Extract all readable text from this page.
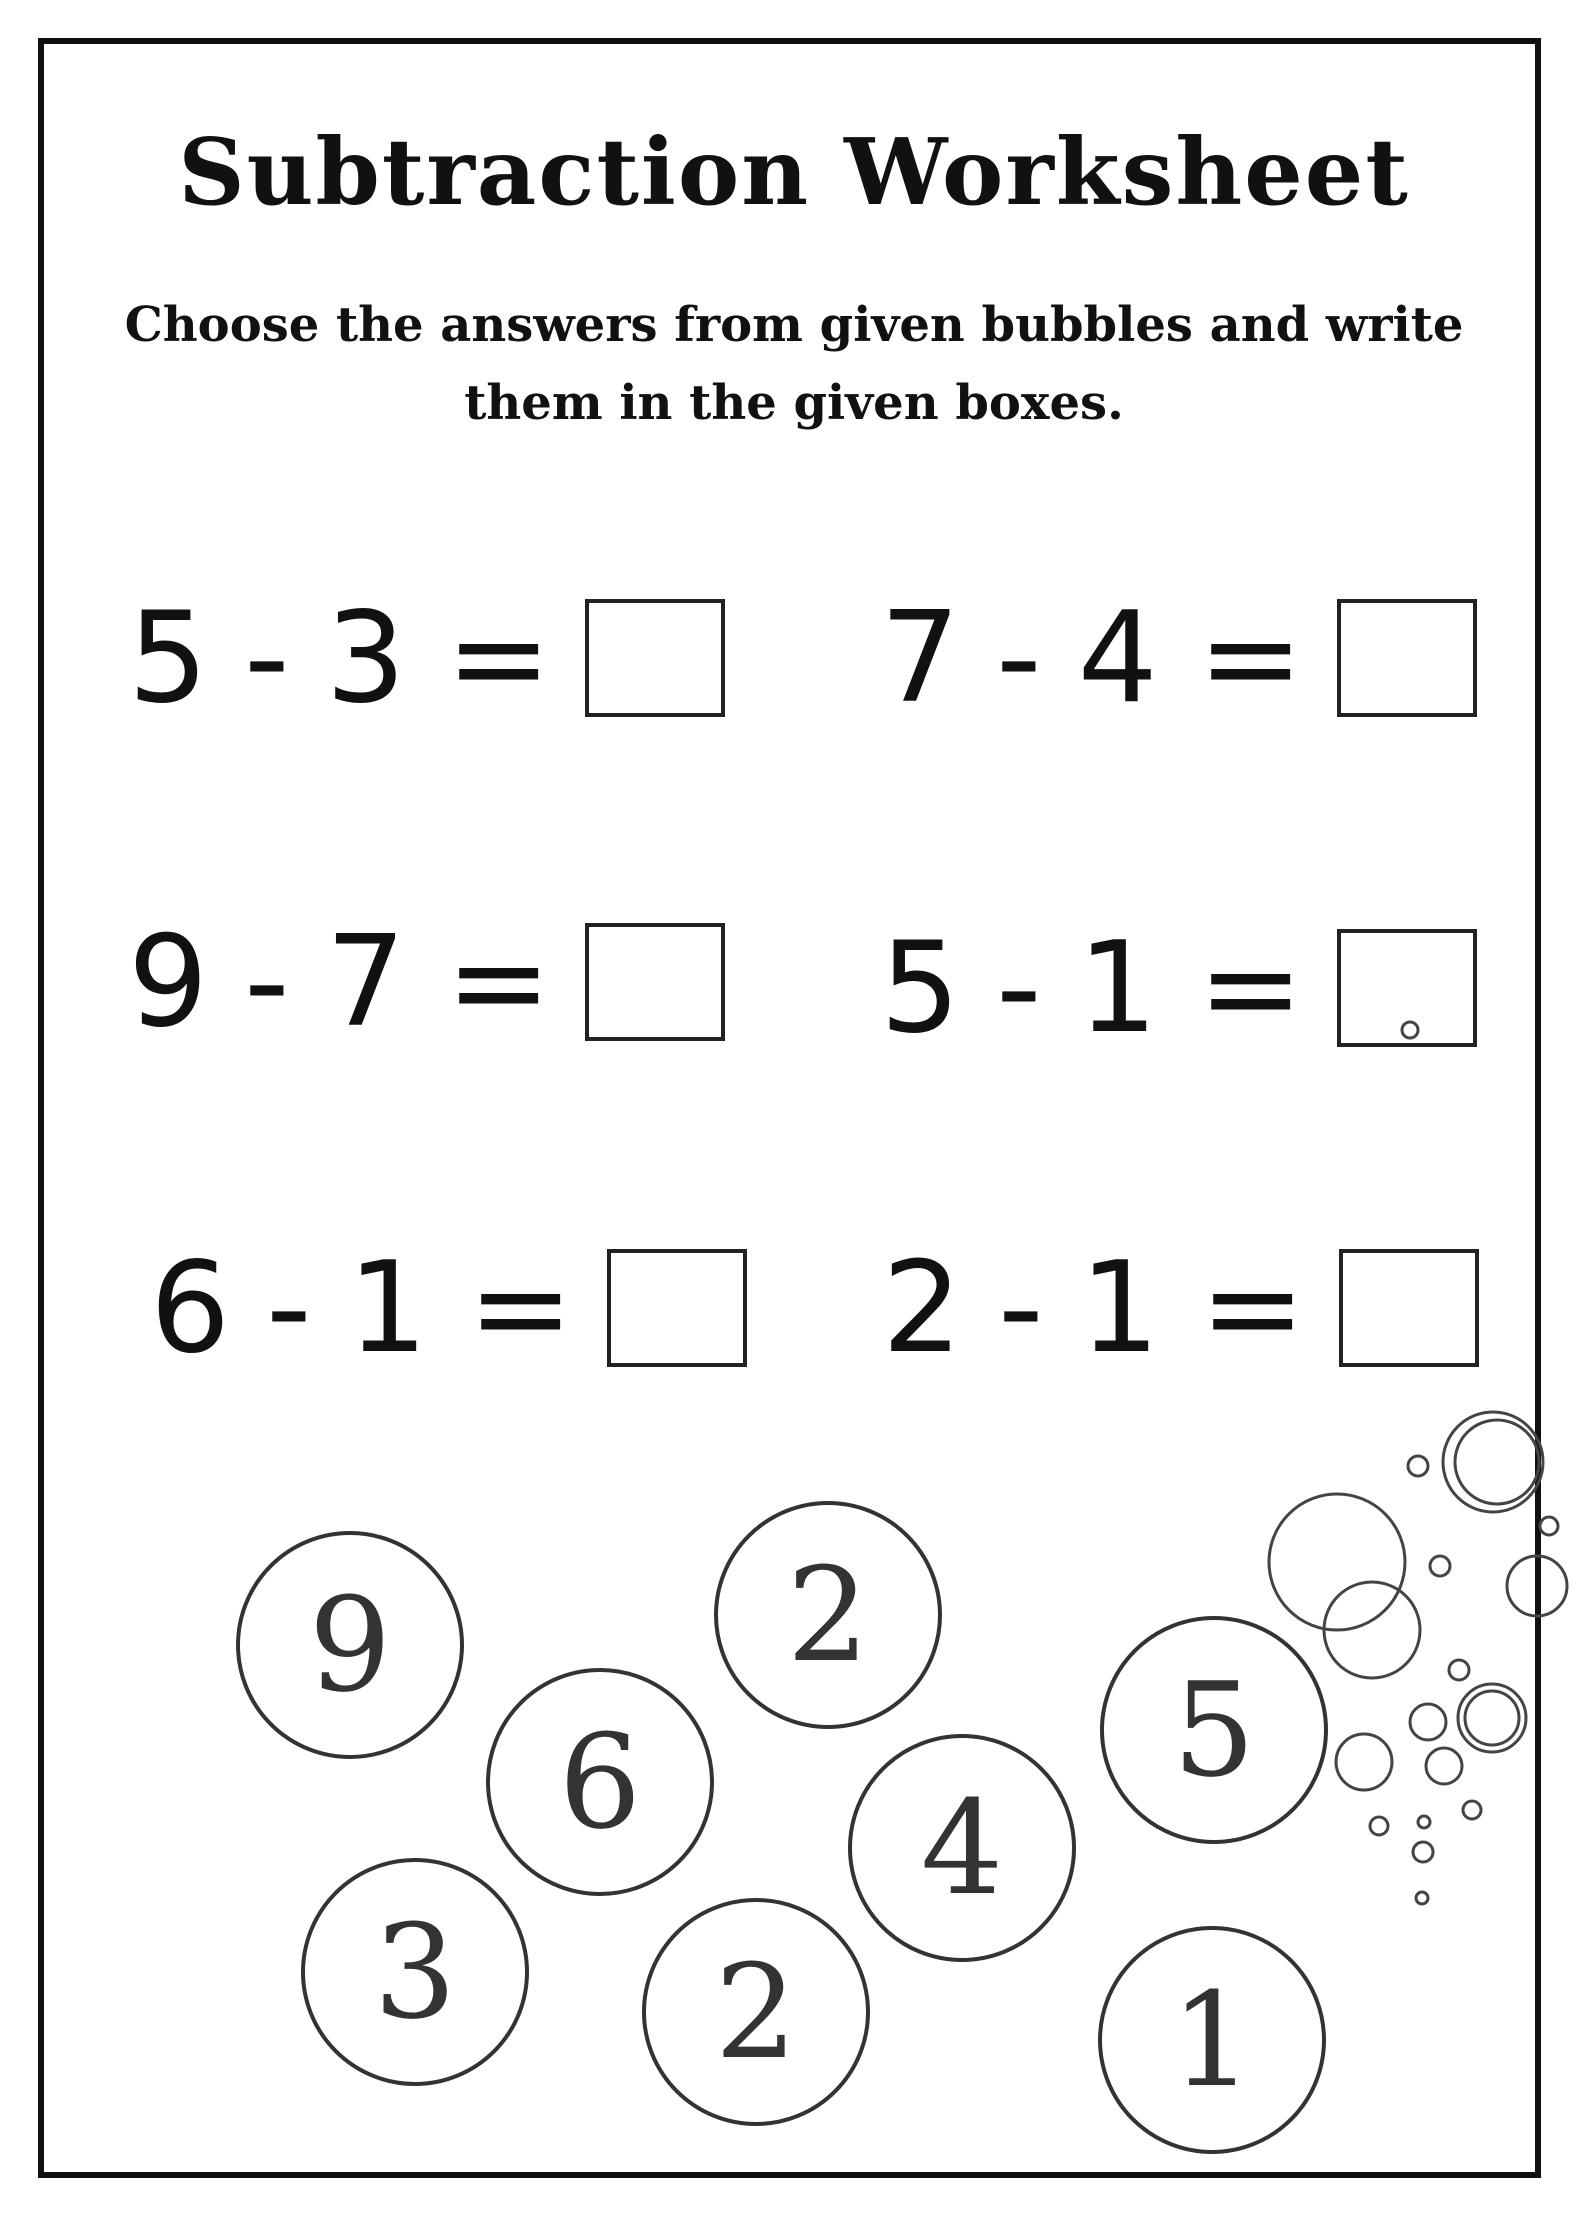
Subtraction Worksheet

Choose the answers from given bubbles and write them in the given boxes.

5 - 3 =	7 - 4 =
9 - 7 =	5 - 1 =
6 - 1 = 2 - 1 =
9	2
5
6 4
3 2	1
